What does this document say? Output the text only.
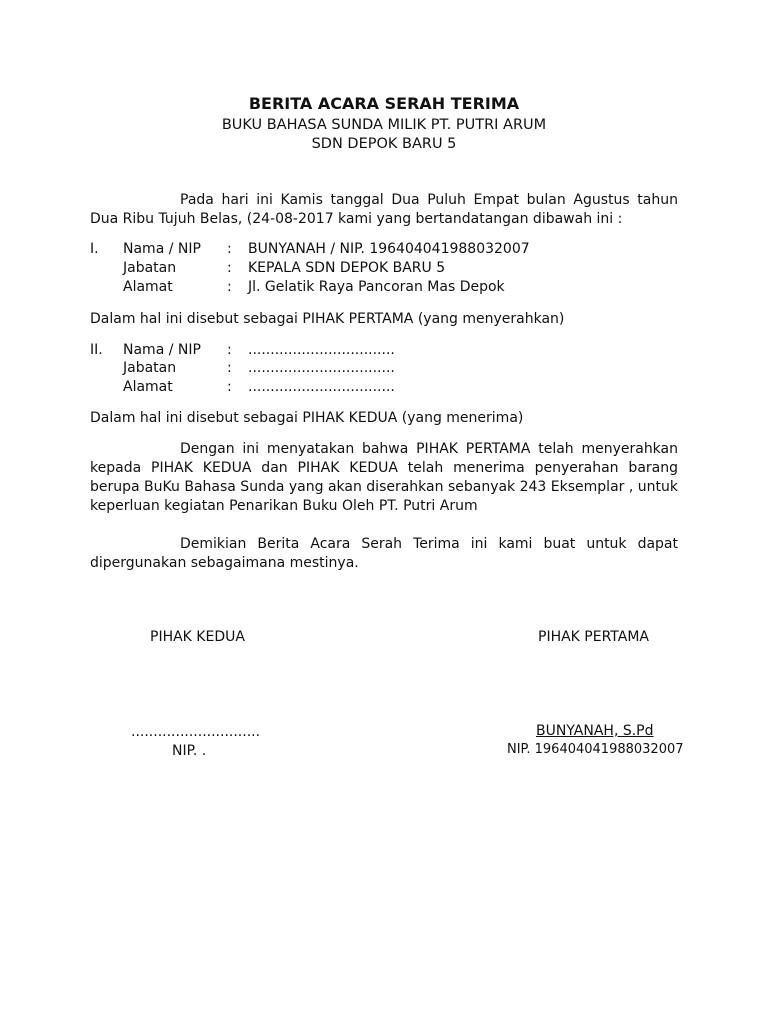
BERITA ACARA SERAH TERIMA
BUKU BAHASA SUNDA MILIK PT. PUTRI ARUM
SDN DEPOK BARU 5
Pada hari ini Kamis tanggal Dua Puluh Empat bulan Agustus tahun Dua Ribu Tujuh Belas, (24-08-2017 kami yang bertandatangan dibawah ini :
I. Nama / NIP : BUNYANAH / NIP. 196404041988032007
Jabatan	: KEPALA SDN DEPOK BARU 5
Alamat	: Jl. Gelatik Raya Pancoran Mas Depok
Dalam hal ini disebut sebagai PIHAK PERTAMA (yang menyerahkan)
II. Nama / NIP : .................................
Jabatan	: .................................
Alamat	: .................................
Dalam hal ini disebut sebagai PIHAK KEDUA (yang menerima)
Dengan ini menyatakan bahwa PIHAK PERTAMA telah menyerahkan kepada PIHAK KEDUA dan PIHAK KEDUA telah menerima penyerahan barang berupa BuKu Bahasa Sunda yang akan diserahkan sebanyak 243 Eksemplar , untuk keperluan kegiatan Penarikan Buku Oleh PT. Putri Arum
Demikian Berita Acara Serah Terima ini kami buat untuk dapat dipergunakan sebagaimana mestinya.
PIHAK KEDUA
.............................
NIP. .
PIHAK PERTAMA
BUNYANAH, S.Pd
NIP. 196404041988032007
